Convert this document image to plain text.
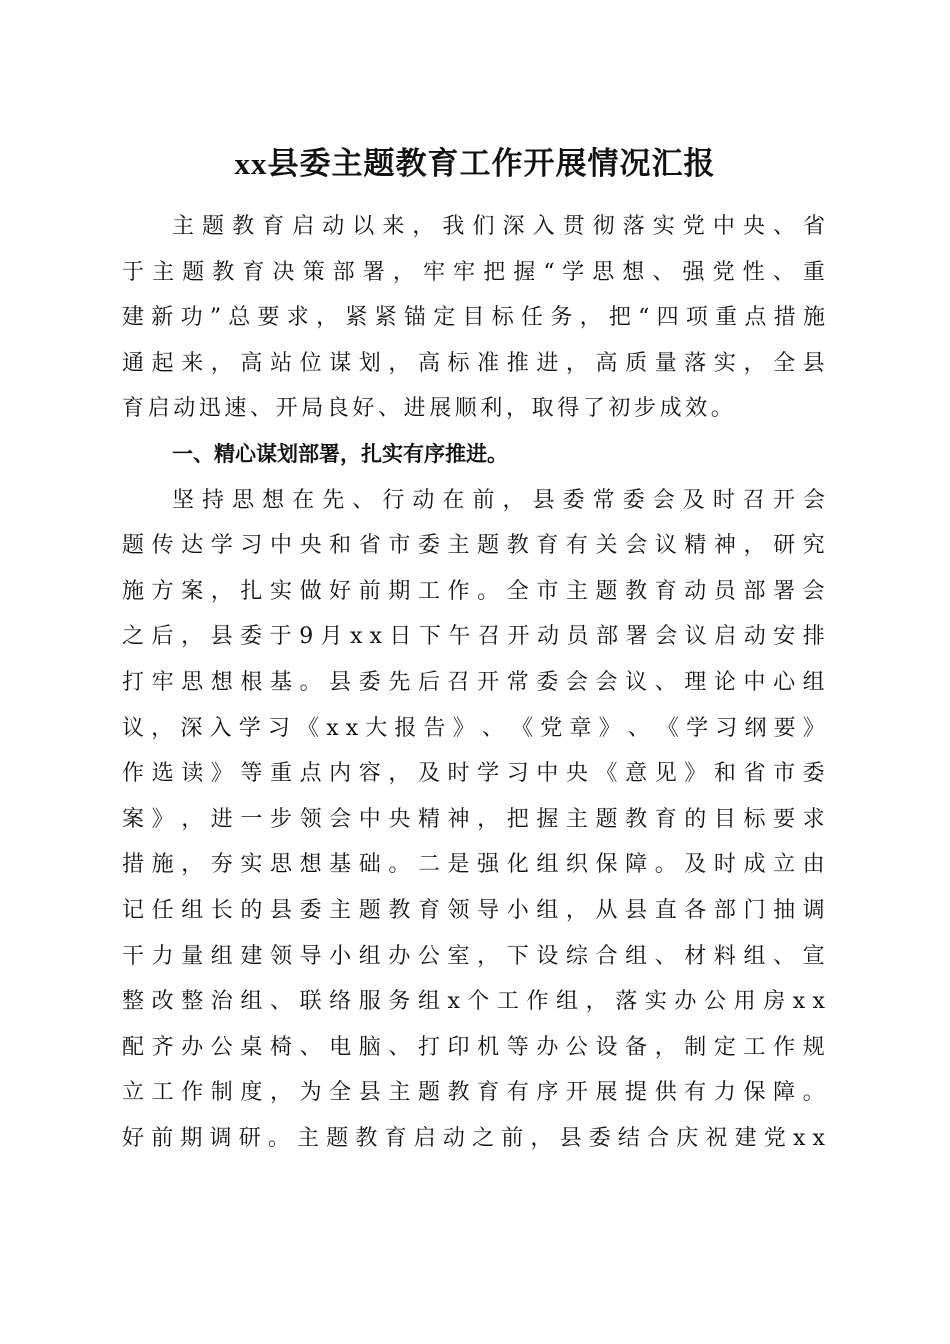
xx县委主题教育工作开展情况汇报
主 题 教 育 启 动 以 来 ， 我 们 深 入 贯 彻 落 实 党 中 央 、 省
于 主 题 教 育 决 策 部 署 ， 牢 牢 把 握 “ 学 思 想 、 强 党 性 、 重
建 新 功 ” 总 要 求 ， 紧 紧 锚 定 目 标 任 务 ， 把 “ 四 项 重 点 措 施
通 起 来 ， 高 站 位 谋 划 ， 高 标 准 推 进 ， 高 质 量 落 实 ， 全 县
育启动迅速、开局良好、进展顺利，取得了初步成效。
一、精心谋划部署，扎实有序推进。
坚 持 思 想 在 先 、 行 动 在 前 ， 县 委 常 委 会 及 时 召 开 会
题 传 达 学 习 中 央 和 省 市 委 主 题 教 育 有 关 会 议 精 神 ， 研 究
施 方 案 ， 扎 实 做 好 前 期 工 作 。 全 市 主 题 教 育 动 员 部 署 会
之 后 ， 县 委 于 9 月 x x 日 下 午 召 开 动 员 部 署 会 议 启 动 安 排
打 牢 思 想 根 基 。 县 委 先 后 召 开 常 委 会 会 议 、 理 论 中 心 组
议 ， 深 入 学 习 《 x x 大 报 告 》 、 《 党 章 》 、 《 学 习 纲 要 》
作 选 读 》 等 重 点 内 容 ， 及 时 学 习 中 央 《 意 见 》 和 省 市 委
案 》 ， 进 一 步 领 会 中 央 精 神 ， 把 握 主 题 教 育 的 目 标 要 求
措 施 ， 夯 实 思 想 基 础 。 二 是 强 化 组 织 保 障 。 及 时 成 立 由
记 任 组 长 的 县 委 主 题 教 育 领 导 小 组 ， 从 县 直 各 部 门 抽 调
干 力 量 组 建 领 导 小 组 办 公 室 ， 下 设 综 合 组 、 材 料 组 、 宣
整 改 整 治 组 、 联 络 服 务 组 x 个 工 作 组 ， 落 实 办 公 用 房 x x
配 齐 办 公 桌 椅 、 电 脑 、 打 印 机 等 办 公 设 备 ， 制 定 工 作 规
立 工 作 制 度 ， 为 全 县 主 题 教 育 有 序 开 展 提 供 有 力 保 障 。
好 前 期 调 研 。 主 题 教 育 启 动 之 前 ， 县 委 结 合 庆 祝 建 党 x x
